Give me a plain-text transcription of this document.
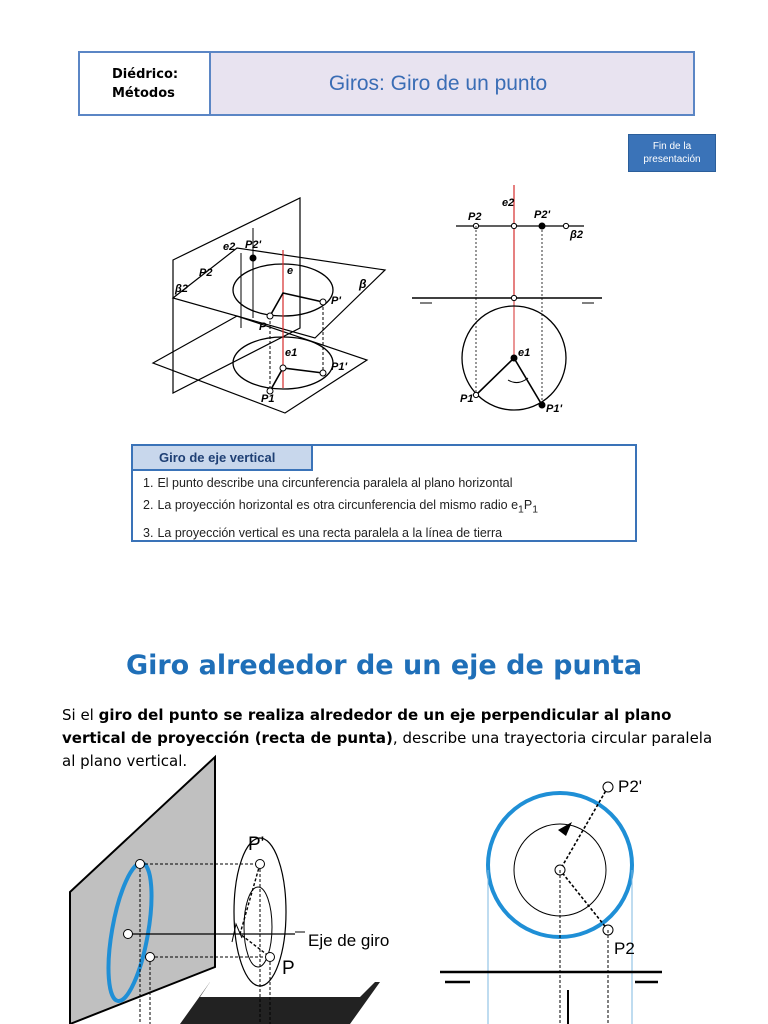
Diédrico:
Métodos	Giros: Giro de un punto
Fin de la
presentación
e2 P2'
P2
β2
e
β
P'
P
e1
P1'
P1
e2
P2	P2'
β2
e1
P1
P1'
Giro de eje vertical
1. El punto describe una circunferencia paralela al plano horizontal
2. La proyección horizontal es otra circunferencia del mismo radio $e_1P_1$
3. La proyección vertical es una recta paralela a la línea de tierra
Giro alrededor de un eje de punta
Si el giro del punto se realiza alrededor de un eje perpendicular al plano vertical de proyección (recta de punta), describe una trayectoria circular paralela al plano vertical.
P'
P
Eje de giro
P2'
P2
